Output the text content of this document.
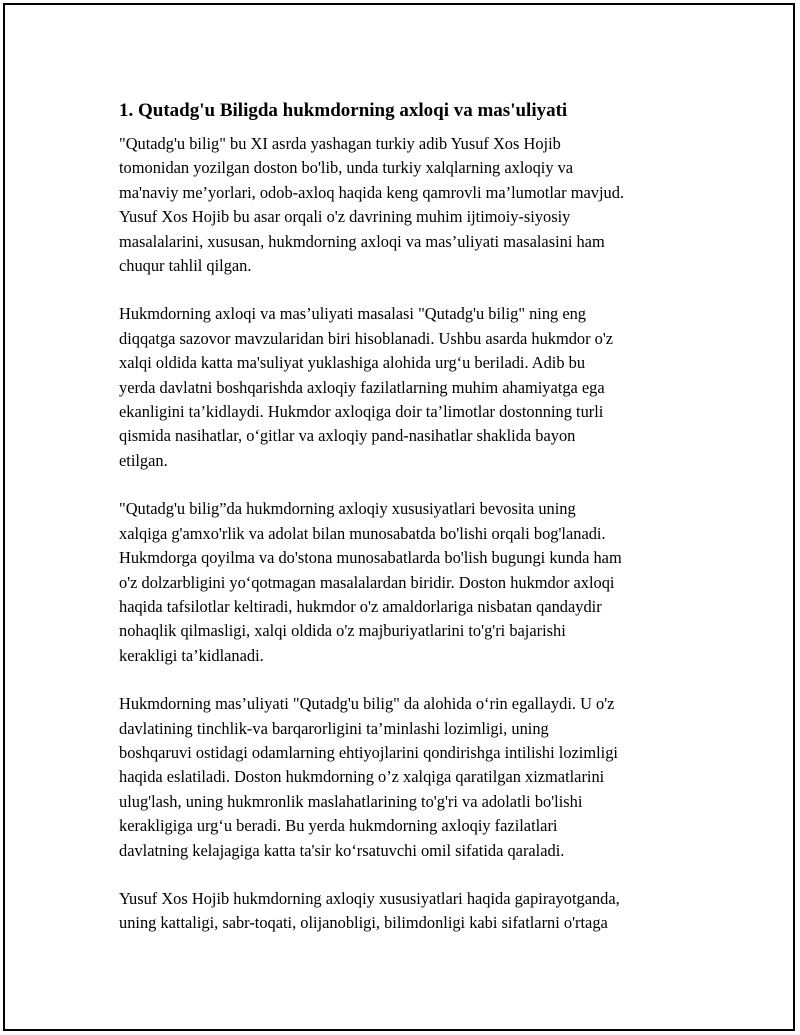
1. Qutadg'u Biligda hukmdorning axloqi va mas'uliyati
"Qutadg'u bilig" bu XI asrda yashagan turkiy adib Yusuf Xos Hojib
tomonidan yozilgan doston bo'lib, unda turkiy xalqlarning axloqiy va
ma'naviy me’yorlari, odob-axloq haqida keng qamrovli ma’lumotlar mavjud.
Yusuf Xos Hojib bu asar orqali o'z davrining muhim ijtimoiy-siyosiy
masalalarini, xususan, hukmdorning axloqi va mas’uliyati masalasini ham
chuqur tahlil qilgan.
Hukmdorning axloqi va mas’uliyati masalasi "Qutadg'u bilig" ning eng
diqqatga sazovor mavzularidan biri hisoblanadi. Ushbu asarda hukmdor o'z
xalqi oldida katta ma'suliyat yuklashiga alohida urg‘u beriladi. Adib bu
yerda davlatni boshqarishda axloqiy fazilatlarning muhim ahamiyatga ega
ekanligini ta’kidlaydi. Hukmdor axloqiga doir ta’limotlar dostonning turli
qismida nasihatlar, o‘gitlar va axloqiy pand-nasihatlar shaklida bayon
etilgan.
"Qutadg'u bilig”da hukmdorning axloqiy xususiyatlari bevosita uning
xalqiga g'amxo'rlik va adolat bilan munosabatda bo'lishi orqali bog'lanadi.
Hukmdorga qoyilma va do'stona munosabatlarda bo'lish bugungi kunda ham
o'z dolzarbligini yo‘qotmagan masalalardan biridir. Doston hukmdor axloqi
haqida tafsilotlar keltiradi, hukmdor o'z amaldorlariga nisbatan qandaydir
nohaqlik qilmasligi, xalqi oldida o'z majburiyatlarini to'g'ri bajarishi
kerakligi ta’kidlanadi.
Hukmdorning mas’uliyati "Qutadg'u bilig" da alohida o‘rin egallaydi. U o'z
davlatining tinchlik-va barqarorligini ta’minlashi lozimligi, uning
boshqaruvi ostidagi odamlarning ehtiyojlarini qondirishga intilishi lozimligi
haqida eslatiladi. Doston hukmdorning o’z xalqiga qaratilgan xizmatlarini
ulug'lash, uning hukmronlik maslahatlarining to'g'ri va adolatli bo'lishi
kerakligiga urg‘u beradi. Bu yerda hukmdorning axloqiy fazilatlari
davlatning kelajagiga katta ta'sir ko‘rsatuvchi omil sifatida qaraladi.
Yusuf Xos Hojib hukmdorning axloqiy xususiyatlari haqida gapirayotganda,
uning kattaligi, sabr-toqati, olijanobligi, bilimdonligi kabi sifatlarni o'rtaga
